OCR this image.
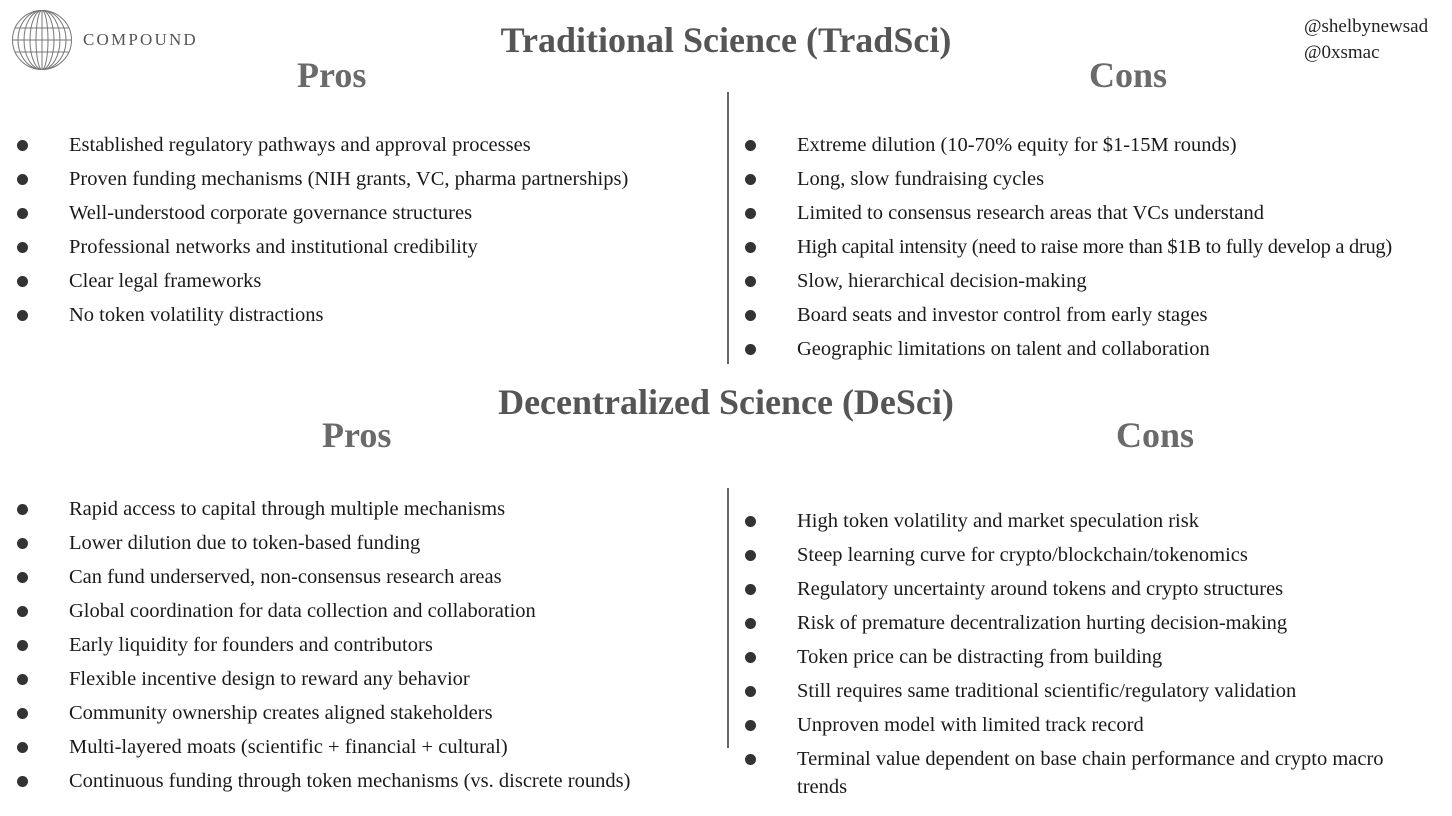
COMPOUND
@shelbynewsad
@0xsmac
Traditional Science (TradSci)
Pros	Cons
Established regulatory pathways and approval processes
Proven funding mechanisms (NIH grants, VC, pharma partnerships)
Well-understood corporate governance structures
Professional networks and institutional credibility
Clear legal frameworks
No token volatility distractions
Extreme dilution (10-70% equity for $1-15M rounds)
Long, slow fundraising cycles
Limited to consensus research areas that VCs understand
High capital intensity (need to raise more than $1B to fully develop a drug)
Slow, hierarchical decision-making
Board seats and investor control from early stages
Geographic limitations on talent and collaboration
Decentralized Science (DeSci)
Pros	Cons
Rapid access to capital through multiple mechanisms
Lower dilution due to token-based funding
Can fund underserved, non-consensus research areas
Global coordination for data collection and collaboration
Early liquidity for founders and contributors
Flexible incentive design to reward any behavior
Community ownership creates aligned stakeholders
Multi-layered moats (scientific + financial + cultural)
Continuous funding through token mechanisms (vs. discrete rounds)
High token volatility and market speculation risk
Steep learning curve for crypto/blockchain/tokenomics
Regulatory uncertainty around tokens and crypto structures
Risk of premature decentralization hurting decision-making
Token price can be distracting from building
Still requires same traditional scientific/regulatory validation
Unproven model with limited track record
Terminal value dependent on base chain performance and crypto macro trends
